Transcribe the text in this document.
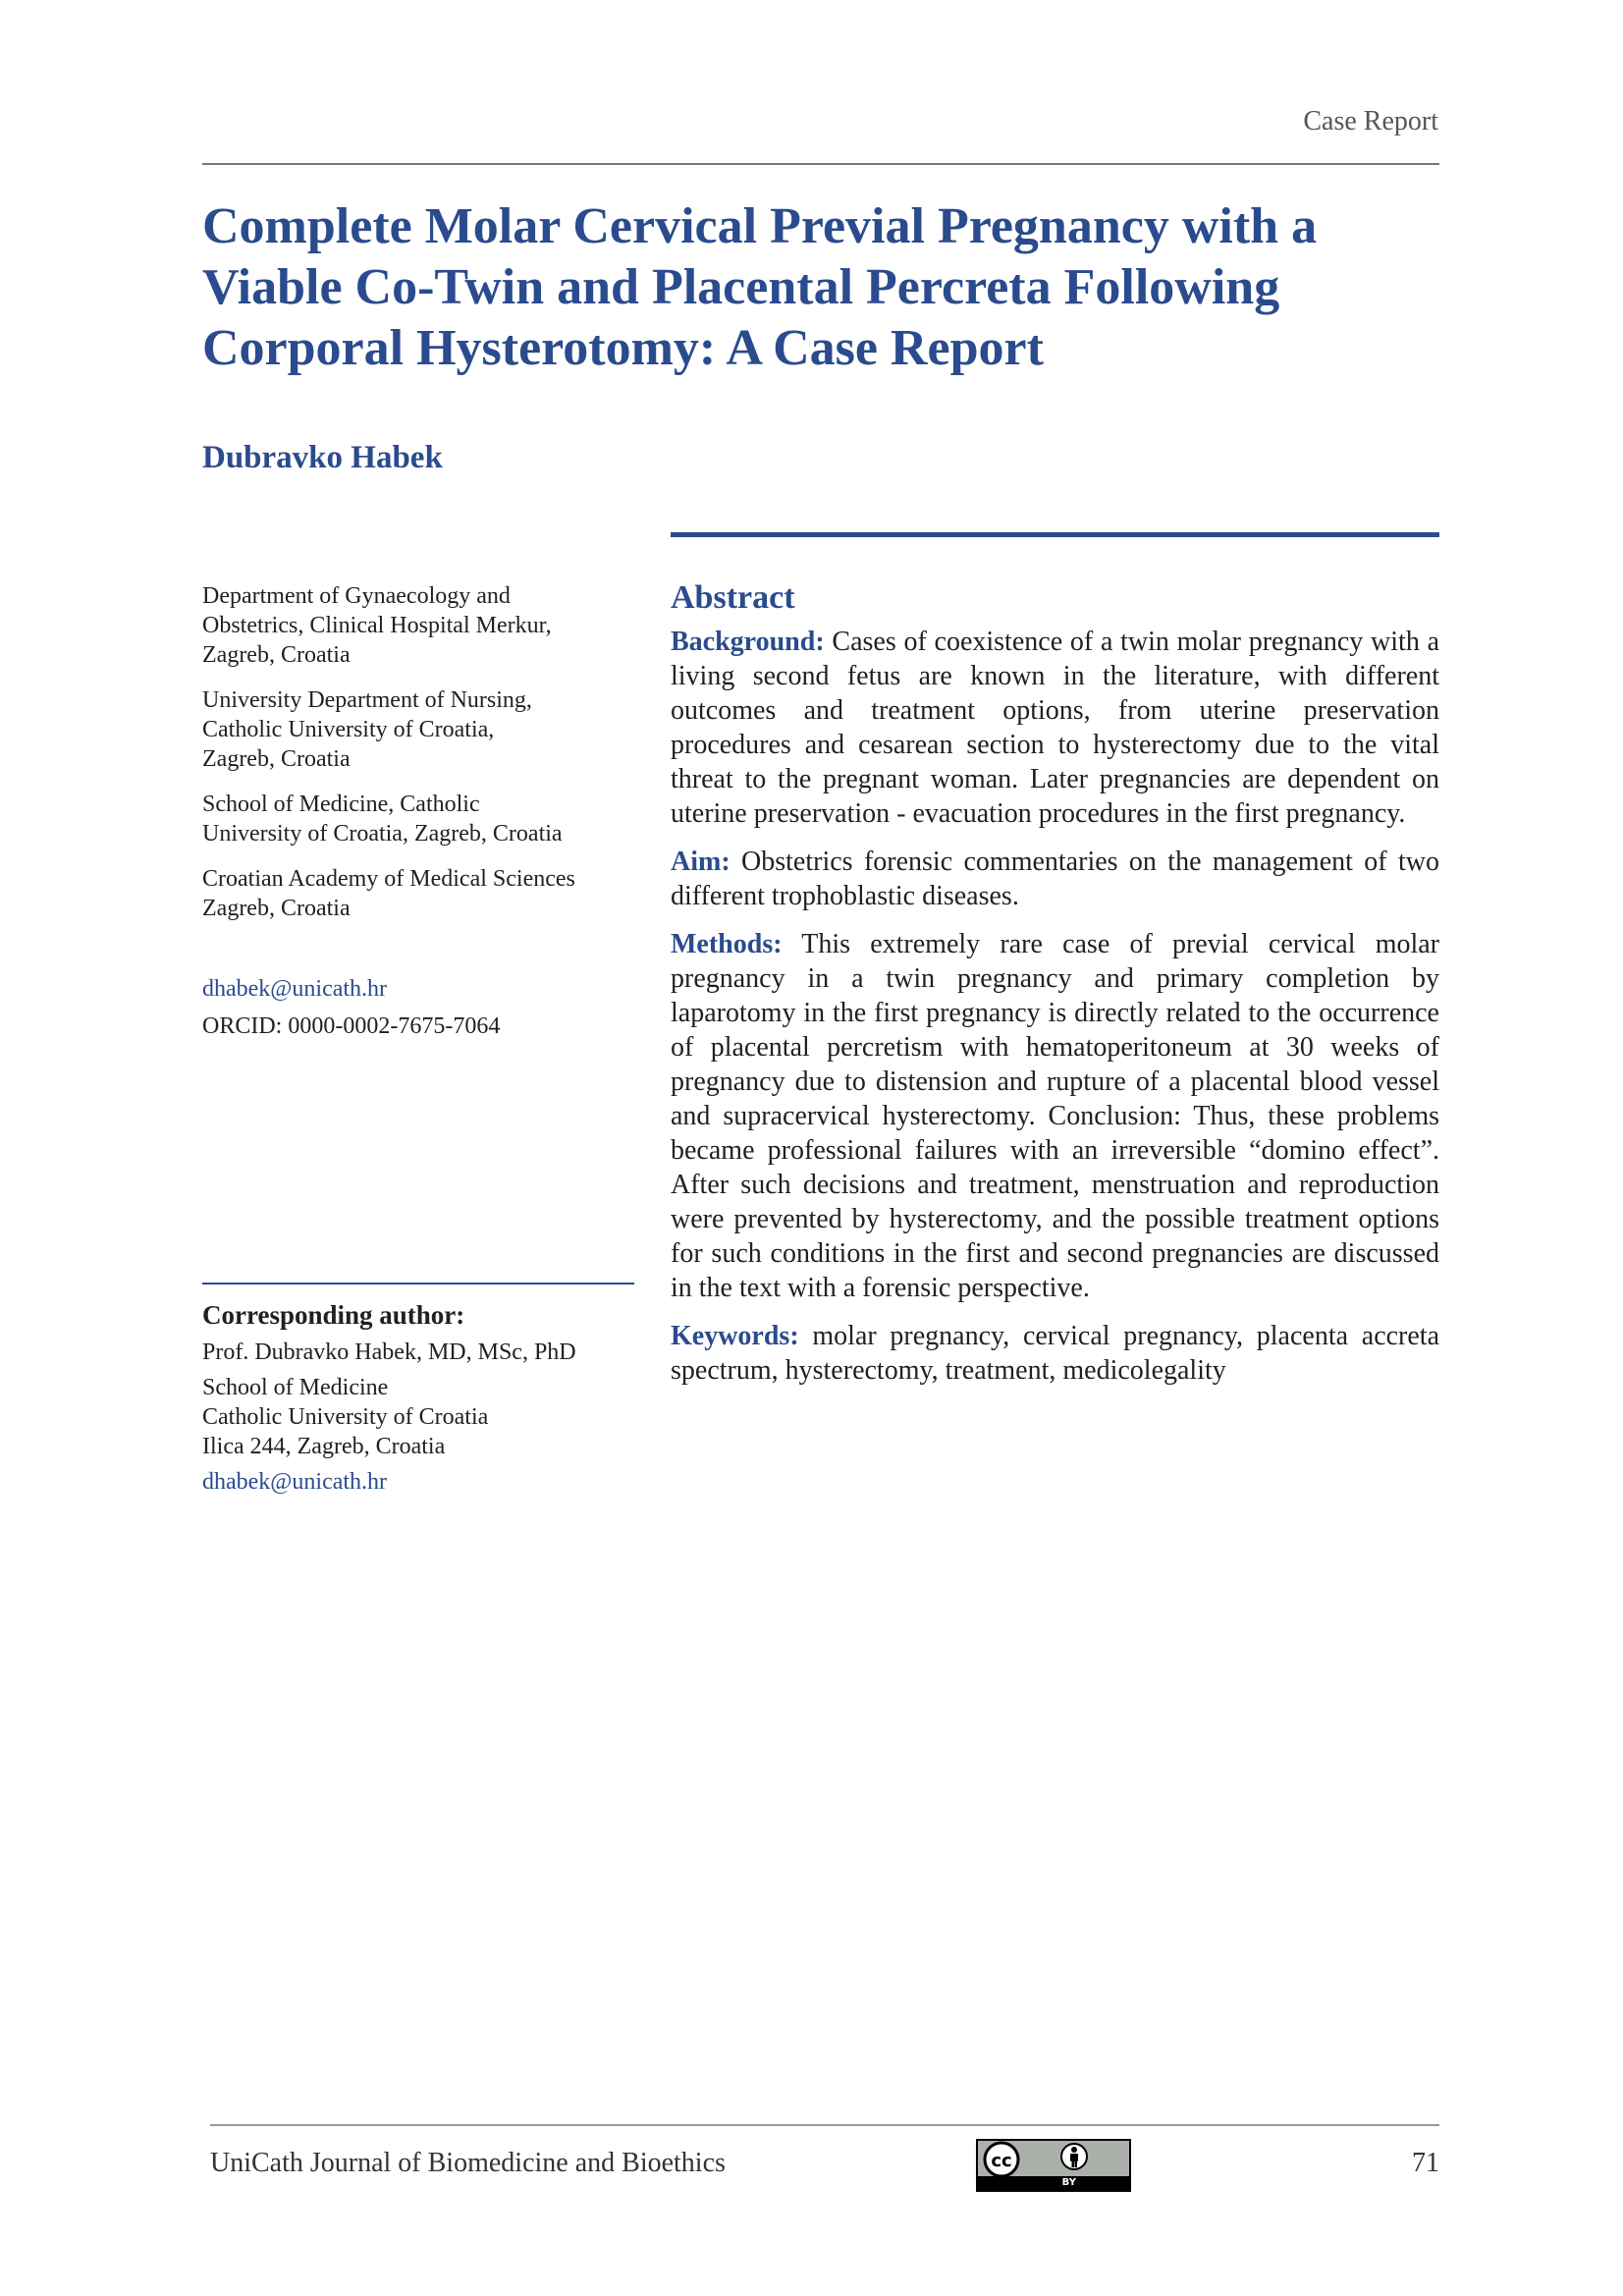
Case Report
Complete Molar Cervical Previal Pregnancy with a Viable Co-Twin and Placental Percreta Following Corporal Hysterotomy: A Case Report
Dubravko Habek
Department of Gynaecology and
Obstetrics, Clinical Hospital Merkur,
Zagreb, Croatia
University Department of Nursing,
Catholic University of Croatia,
Zagreb, Croatia
School of Medicine, Catholic
University of Croatia, Zagreb, Croatia
Croatian Academy of Medical Sciences
Zagreb, Croatia
dhabek@unicath.hr
ORCID: 0000-0002-7675-7064
Corresponding author:
Prof. Dubravko Habek, MD, MSc, PhD
School of Medicine
Catholic University of Croatia
Ilica 244, Zagreb, Croatia
dhabek@unicath.hr
Abstract

Background: Cases of coexistence of a twin molar pregnancy with a living second fetus are known in the literature, with different outcomes and treatment options, from uterine preservation procedures and cesarean section to hysterectomy due to the vital threat to the pregnant woman. Later pregnancies are dependent on uterine preservation - evacuation procedures in the first pregnancy.

Aim: Obstetrics forensic commentaries on the management of two different trophoblastic diseases.

Methods: This extremely rare case of previal cervical molar pregnancy in a twin pregnancy and primary completion by laparotomy in the first pregnancy is directly related to the occurrence of placental percretism with hematoperitoneum at 30 weeks of pregnancy due to distension and rupture of a placental blood vessel and supracervical hysterectomy. Conclusion: Thus, these problems became professional failures with an irreversible “domino effect”. After such decisions and treatment, menstruation and reproduction were prevented by hysterectomy, and the possible treatment options for such conditions in the first and second pregnancies are discussed in the text with a forensic perspective.

Keywords: molar pregnancy, cervical pregnancy, placenta accreta spectrum, hysterectomy, treatment, medicolegality

UniCath Journal of Biomedicine and Bioethics	cc
BY
71
